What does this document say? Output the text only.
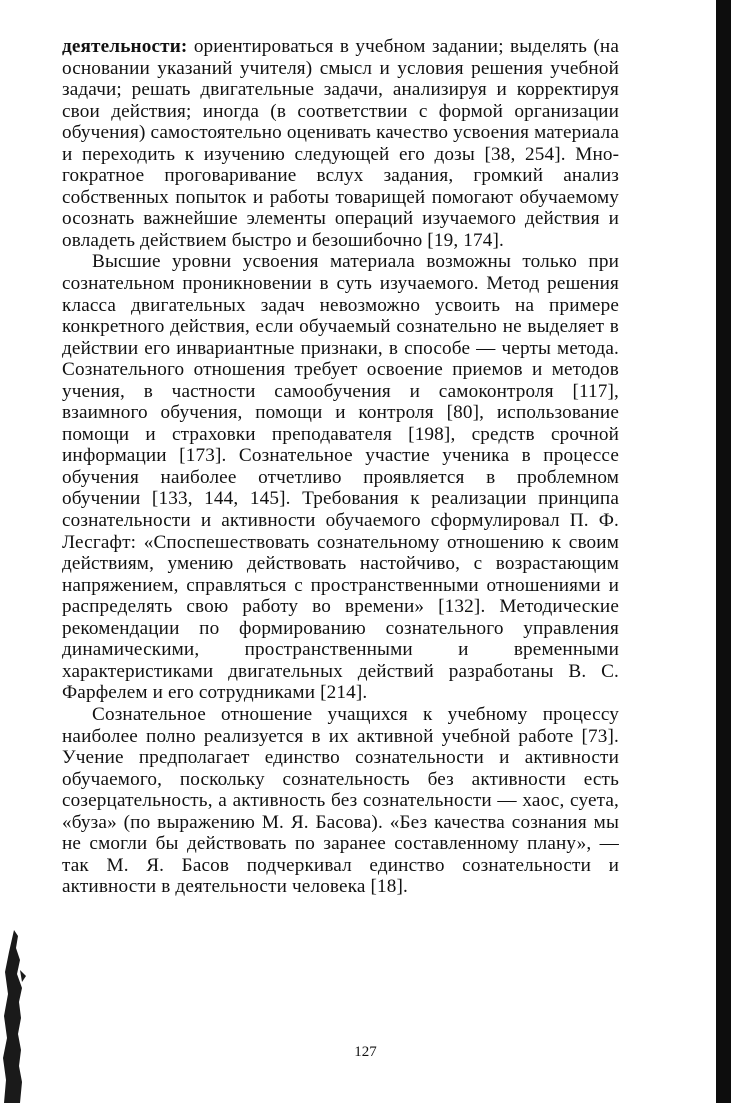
деятельности: ориентироваться в учебном задании; выделять (на основании указаний учителя) смысл и условия решения учебной задачи; решать двигательные задачи, анализируя и корректируя свои действия; иногда (в соответствии с формой организации обучения) самостоятельно оценивать качество усвоения материала и переходить к изучению следующей его дозы [38, 254]. Многократное проговаривание вслух задания, громкий анализ собственных попыток и работы товарищей помогают обучаемому осознать важнейшие элементы операций изучаемого действия и овладеть действием быстро и безошибочно [19, 174].

Высшие уровни усвоения материала возможны только при сознательном проникновении в суть изучаемого. Метод решения класса двигательных задач невозможно усвоить на примере конкретного действия, если обучаемый сознательно не выделяет в действии его инвариантные признаки, в способе — черты метода. Сознательного отношения требует освоение приемов и методов учения, в частности самообучения и самоконтроля [117], взаимного обучения, помощи и контроля [80], использование помощи и страховки преподавателя [198], средств срочной информации [173]. Сознательное участие ученика в процессе обучения наиболее отчетливо проявляется в проблемном обучении [133, 144, 145]. Требования к реализации принципа сознательности и активности обучаемого сформулировал П. Ф. Лесгафт: «Споспешествовать сознательному отношению к своим действиям, умению действовать настойчиво, с возрастающим напряжением, справляться с пространственными отношениями и распределять свою работу во времени» [132]. Методические рекомендации по формированию сознательного управления динамическими, пространственными и временными характеристиками двигательных действий разработаны В. С. Фарфелем и его сотрудниками [214].

Сознательное отношение учащихся к учебному процессу наиболее полно реализуется в их активной учебной работе [73]. Учение предполагает единство сознательности и активности обучаемого, поскольку сознательность без активности есть созерцательность, а активность без сознательности — хаос, суета, «буза» (по выражению М. Я. Басова). «Без качества сознания мы не смогли бы действовать по заранее составленному плану», — так М. Я. Басов подчеркивал единство сознательности и активности в деятельности человека [18].

127
